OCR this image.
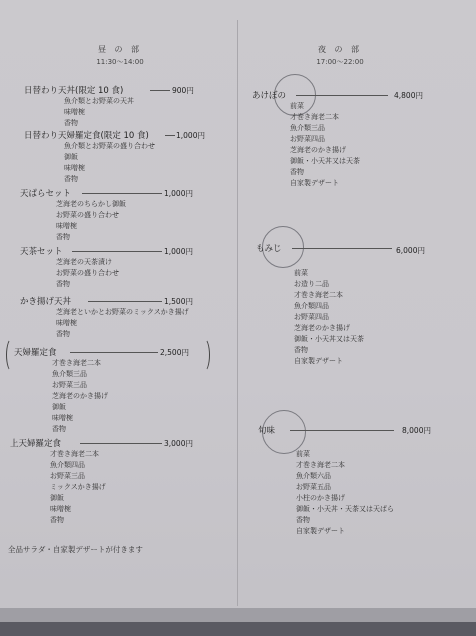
昼 の 部
11:30〜14:00
夜 の 部
17:00〜22:00
日替わり天丼(限定 10 食)	900円
魚介類とお野菜の天丼
味噌椀
香物
日替わり天婦羅定食(限定 10 食)	1,000円
魚介類とお野菜の盛り合わせ
御飯
味噌椀
香物
天ぱらセット	1,000円
芝海老のちらかし御飯
お野菜の盛り合わせ
味噌椀
香物
天茶セット	1,000円
芝海老の天茶漬け
お野菜の盛り合わせ
香物
かき揚げ天丼	1,500円
芝海老といかとお野菜のミックスかき揚げ
味噌椀
香物
天婦羅定食	2,500円
才巻き海老二本
魚介類三品
お野菜三品
芝海老のかき揚げ
御飯
味噌椀
香物
上天婦羅定食	3,000円
才巻き海老二本
魚介類四品
お野菜三品
ミックスかき揚げ
御飯
味噌椀
香物
全品サラダ・自家製デザートが付きます
あけぼの	4,800円
前菜
才巻き海老二本
魚介類三品
お野菜四品
芝海老のかき揚げ
御飯・小天丼又は天茶
香物
自家製デザート
もみじ	6,000円
前菜
お造り二品
才巻き海老二本
魚介類四品
お野菜四品
芝海老のかき揚げ
御飯・小天丼又は天茶
香物
自家製デザート
旬味	8,000円
前菜
才巻き海老二本
魚介類六品
お野菜五品
小柱のかき揚げ
御飯・小天丼・天茶又は天ぱら
香物
自家製デザート
